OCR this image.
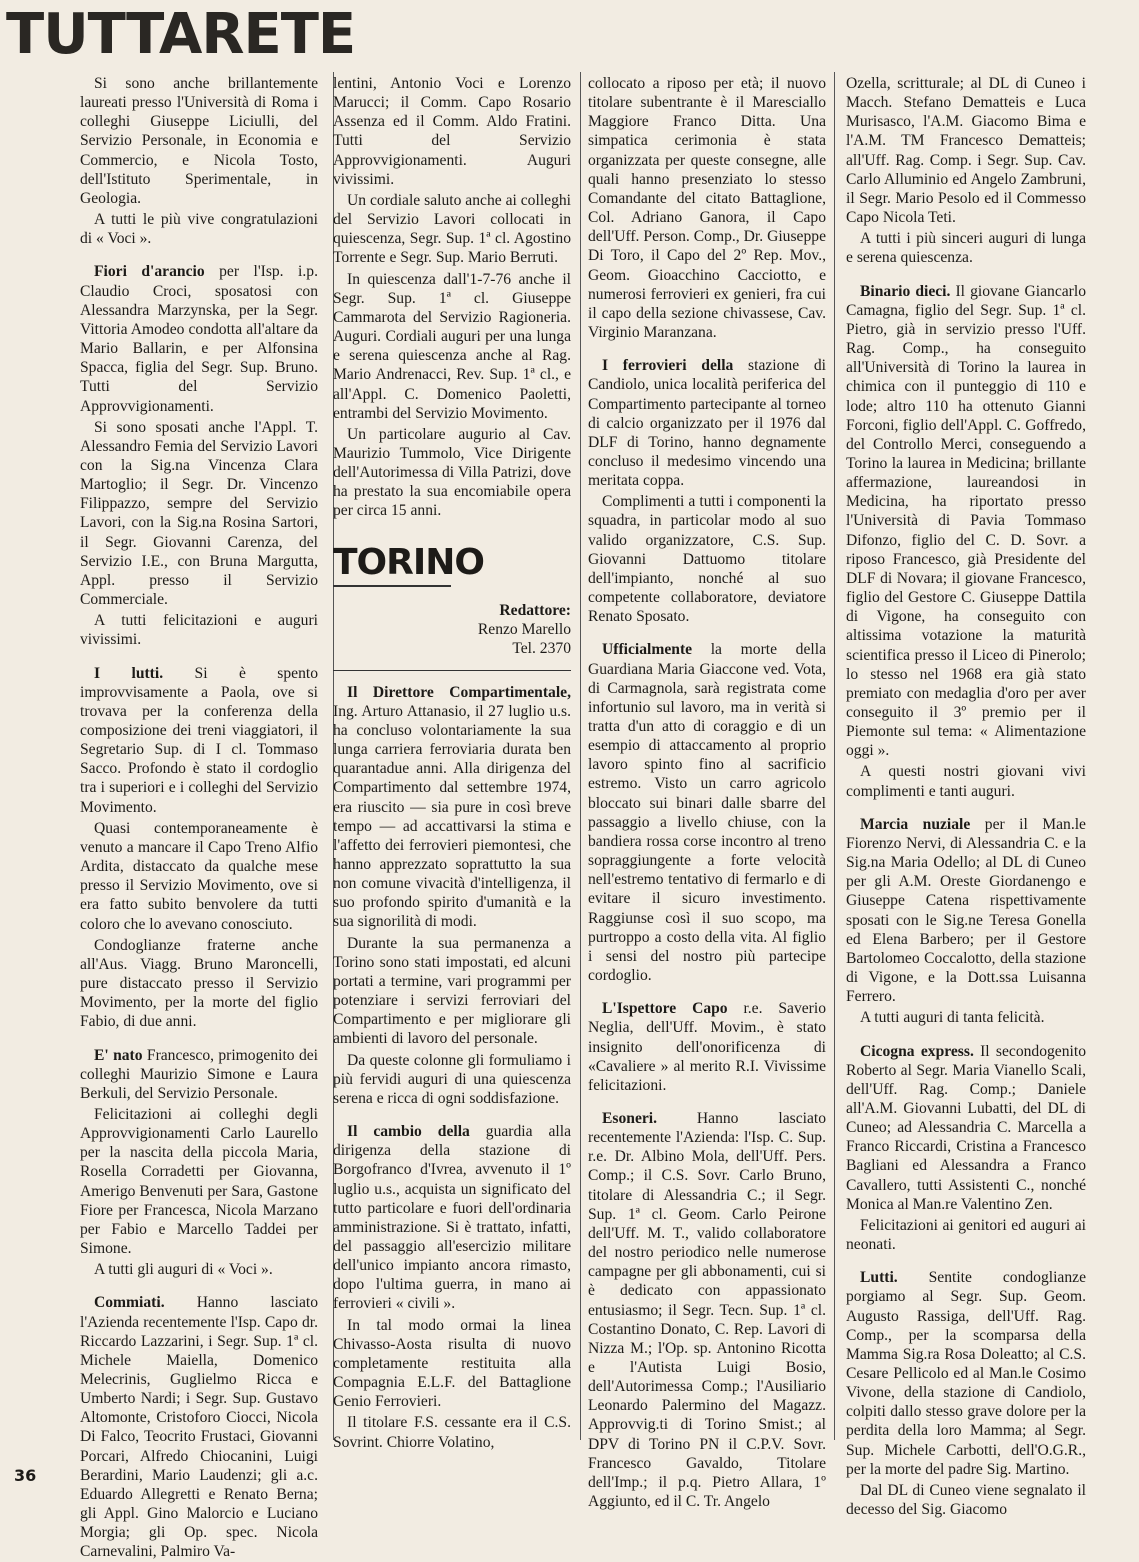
TUTTARETE

Si sono anche brillantemente laureati presso l'Università di Roma i colleghi Giuseppe Liciulli, del Servizio Personale, in Economia e Commercio, e Nicola Tosto, dell'Istituto Sperimentale, in Geologia.

A tutti le più vive congratulazioni di « Voci ».

Fiori d'arancio per l'Isp. i.p. Claudio Croci, sposatosi con Alessandra Marzynska, per la Segr. Vittoria Amodeo condotta all'altare da Mario Ballarin, e per Alfonsina Spacca, figlia del Segr. Sup. Bruno. Tutti del Servizio Approvvigionamenti.

Si sono sposati anche l'Appl. T. Alessandro Femia del Servizio Lavori con la Sig.na Vincenza Clara Martoglio; il Segr. Dr. Vincenzo Filippazzo, sempre del Servizio Lavori, con la Sig.na Rosina Sartori, il Segr. Giovanni Carenza, del Servizio I.E., con Bruna Margutta, Appl. presso il Servizio Commerciale.

A tutti felicitazioni e auguri vivissimi.

I lutti. Si è spento improvvisamente a Paola, ove si trovava per la conferenza della composizione dei treni viaggiatori, il Segretario Sup. di I cl. Tommaso Sacco. Profondo è stato il cordoglio tra i superiori e i colleghi del Servizio Movimento.

Quasi contemporaneamente è venuto a mancare il Capo Treno Alfio Ardita, distaccato da qualche mese presso il Servizio Movimento, ove si era fatto subito benvolere da tutti coloro che lo avevano conosciuto.

Condoglianze fraterne anche all'Aus. Viagg. Bruno Maroncelli, pure distaccato presso il Servizio Movimento, per la morte del figlio Fabio, di due anni.

E' nato Francesco, primogenito dei colleghi Maurizio Simone e Laura Berkuli, del Servizio Personale.

Felicitazioni ai colleghi degli Approvvigionamenti Carlo Laurello per la nascita della piccola Maria, Rosella Corradetti per Giovanna, Amerigo Benvenuti per Sara, Gastone Fiore per Francesca, Nicola Marzano per Fabio e Marcello Taddei per Simone.

A tutti gli auguri di « Voci ».

Commiati. Hanno lasciato l'Azienda recentemente l'Isp. Capo dr. Riccardo Lazzarini, i Segr. Sup. 1ª cl. Michele Maiella, Domenico Melecrinis, Guglielmo Ricca e Umberto Nardi; i Segr. Sup. Gustavo Altomonte, Cristoforo Ciocci, Nicola Di Falco, Teocrito Frustaci, Giovanni Porcari, Alfredo Chiocanini, Luigi Berardini, Mario Laudenzi; gli a.c. Eduardo Allegretti e Renato Berna; gli Appl. Gino Malorcio e Luciano Morgia; gli Op. spec. Nicola Carnevalini, Palmiro Va-

lentini, Antonio Voci e Lorenzo Marucci; il Comm. Capo Rosario Assenza ed il Comm. Aldo Fratini. Tutti del Servizio Approvvigionamenti. Auguri vivissimi.

Un cordiale saluto anche ai colleghi del Servizio Lavori collocati in quiescenza, Segr. Sup. 1ª cl. Agostino Torrente e Segr. Sup. Mario Berruti.

In quiescenza dall'1-7-76 anche il Segr. Sup. 1ª cl. Giuseppe Cammarota del Servizio Ragioneria. Auguri. Cordiali auguri per una lunga e serena quiescenza anche al Rag. Mario Andrenacci, Rev. Sup. 1ª cl., e all'Appl. C. Domenico Paoletti, entrambi del Servizio Movimento.

Un particolare augurio al Cav. Maurizio Tummolo, Vice Dirigente dell'Autorimessa di Villa Patrizi, dove ha prestato la sua encomiabile opera per circa 15 anni.

TORINO
Redattore:
Renzo Marello
Tel. 2370

Il Direttore Compartimentale, Ing. Arturo Attanasio, il 27 luglio u.s. ha concluso volontariamente la sua lunga carriera ferroviaria durata ben quarantadue anni. Alla dirigenza del Compartimento dal settembre 1974, era riuscito — sia pure in così breve tempo — ad accattivarsi la stima e l'affetto dei ferrovieri piemontesi, che hanno apprezzato soprattutto la sua non comune vivacità d'intelligenza, il suo profondo spirito d'umanità e la sua signorilità di modi.

Durante la sua permanenza a Torino sono stati impostati, ed alcuni portati a termine, vari programmi per potenziare i servizi ferroviari del Compartimento e per migliorare gli ambienti di lavoro del personale.

Da queste colonne gli formuliamo i più fervidi auguri di una quiescenza serena e ricca di ogni soddisfazione.

Il cambio della guardia alla dirigenza della stazione di Borgofranco d'Ivrea, avvenuto il 1º luglio u.s., acquista un significato del tutto particolare e fuori dell'ordinaria amministrazione. Si è trattato, infatti, del passaggio all'esercizio militare dell'unico impianto ancora rimasto, dopo l'ultima guerra, in mano ai ferrovieri « civili ».

In tal modo ormai la linea Chivasso-Aosta risulta di nuovo completamente restituita alla Compagnia E.L.F. del Battaglione Genio Ferrovieri.

Il titolare F.S. cessante era il C.S. Sovrint. Chiorre Volatino,

collocato a riposo per età; il nuovo titolare subentrante è il Maresciallo Maggiore Franco Ditta. Una simpatica cerimonia è stata organizzata per queste consegne, alle quali hanno presenziato lo stesso Comandante del citato Battaglione, Col. Adriano Ganora, il Capo dell'Uff. Person. Comp., Dr. Giuseppe Di Toro, il Capo del 2º Rep. Mov., Geom. Gioacchino Cacciotto, e numerosi ferrovieri ex genieri, fra cui il capo della sezione chivassese, Cav. Virginio Maranzana.

I ferrovieri della stazione di Candiolo, unica località periferica del Compartimento partecipante al torneo di calcio organizzato per il 1976 dal DLF di Torino, hanno degnamente concluso il medesimo vincendo una meritata coppa.

Complimenti a tutti i componenti la squadra, in particolar modo al suo valido organizzatore, C.S. Sup. Giovanni Dattuomo titolare dell'impianto, nonché al suo competente collaboratore, deviatore Renato Sposato.

Ufficialmente la morte della Guardiana Maria Giaccone ved. Vota, di Carmagnola, sarà registrata come infortunio sul lavoro, ma in verità si tratta d'un atto di coraggio e di un esempio di attaccamento al proprio lavoro spinto fino al sacrificio estremo. Visto un carro agricolo bloccato sui binari dalle sbarre del passaggio a livello chiuse, con la bandiera rossa corse incontro al treno sopraggiungente a forte velocità nell'estremo tentativo di fermarlo e di evitare il sicuro investimento. Raggiunse così il suo scopo, ma purtroppo a costo della vita. Al figlio i sensi del nostro più partecipe cordoglio.

L'Ispettore Capo r.e. Saverio Neglia, dell'Uff. Movim., è stato insignito dell'onorificenza di «Cavaliere » al merito R.I. Vivissime felicitazioni.

Esoneri. Hanno lasciato recentemente l'Azienda: l'Isp. C. Sup. r.e. Dr. Albino Mola, dell'Uff. Pers. Comp.; il C.S. Sovr. Carlo Bruno, titolare di Alessandria C.; il Segr. Sup. 1ª cl. Geom. Carlo Peirone dell'Uff. M. T., valido collaboratore del nostro periodico nelle numerose campagne per gli abbonamenti, cui si è dedicato con appassionato entusiasmo; il Segr. Tecn. Sup. 1ª cl. Costantino Donato, C. Rep. Lavori di Nizza M.; l'Op. sp. Antonino Ricotta e l'Autista Luigi Bosio, dell'Autorimessa Comp.; l'Ausiliario Leonardo Palermino del Magazz. Approvvig.ti di Torino Smist.; al DPV di Torino PN il C.P.V. Sovr. Francesco Gavaldo, Titolare dell'Imp.; il p.q. Pietro Allara, 1º Aggiunto, ed il C. Tr. Angelo

Ozella, scritturale; al DL di Cuneo i Macch. Stefano Dematteis e Luca Murisasco, l'A.M. Giacomo Bima e l'A.M. TM Francesco Dematteis; all'Uff. Rag. Comp. i Segr. Sup. Cav. Carlo Alluminio ed Angelo Zambruni, il Segr. Mario Pesolo ed il Commesso Capo Nicola Teti.

A tutti i più sinceri auguri di lunga e serena quiescenza.

Binario dieci. Il giovane Giancarlo Camagna, figlio del Segr. Sup. 1ª cl. Pietro, già in servizio presso l'Uff. Rag. Comp., ha conseguito all'Università di Torino la laurea in chimica con il punteggio di 110 e lode; altro 110 ha ottenuto Gianni Forconi, figlio dell'Appl. C. Goffredo, del Controllo Merci, conseguendo a Torino la laurea in Medicina; brillante affermazione, laureandosi in Medicina, ha riportato presso l'Università di Pavia Tommaso Difonzo, figlio del C. D. Sovr. a riposo Francesco, già Presidente del DLF di Novara; il giovane Francesco, figlio del Gestore C. Giuseppe Dattila di Vigone, ha conseguito con altissima votazione la maturità scientifica presso il Liceo di Pinerolo; lo stesso nel 1968 era già stato premiato con medaglia d'oro per aver conseguito il 3º premio per il Piemonte sul tema: « Alimentazione oggi ».

A questi nostri giovani vivi complimenti e tanti auguri.

Marcia nuziale per il Man.le Fiorenzo Nervi, di Alessandria C. e la Sig.na Maria Odello; al DL di Cuneo per gli A.M. Oreste Giordanengo e Giuseppe Catena rispettivamente sposati con le Sig.ne Teresa Gonella ed Elena Barbero; per il Gestore Bartolomeo Coccalotto, della stazione di Vigone, e la Dott.ssa Luisanna Ferrero.

A tutti auguri di tanta felicità.

Cicogna express. Il secondogenito Roberto al Segr. Maria Vianello Scali, dell'Uff. Rag. Comp.; Daniele all'A.M. Giovanni Lubatti, del DL di Cuneo; ad Alessandria C. Marcella a Franco Riccardi, Cristina a Francesco Bagliani ed Alessandra a Franco Cavallero, tutti Assistenti C., nonché Monica al Man.re Valentino Zen.

Felicitazioni ai genitori ed auguri ai neonati.

Lutti. Sentite condoglianze porgiamo al Segr. Sup. Geom. Augusto Rassiga, dell'Uff. Rag. Comp., per la scomparsa della Mamma Sig.ra Rosa Doleatto; al C.S. Cesare Pellicolo ed al Man.le Cosimo Vivone, della stazione di Candiolo, colpiti dallo stesso grave dolore per la perdita della loro Mamma; al Segr. Sup. Michele Carbotti, dell'O.G.R., per la morte del padre Sig. Martino.

Dal DL di Cuneo viene segnalato il decesso del Sig. Giacomo

36
